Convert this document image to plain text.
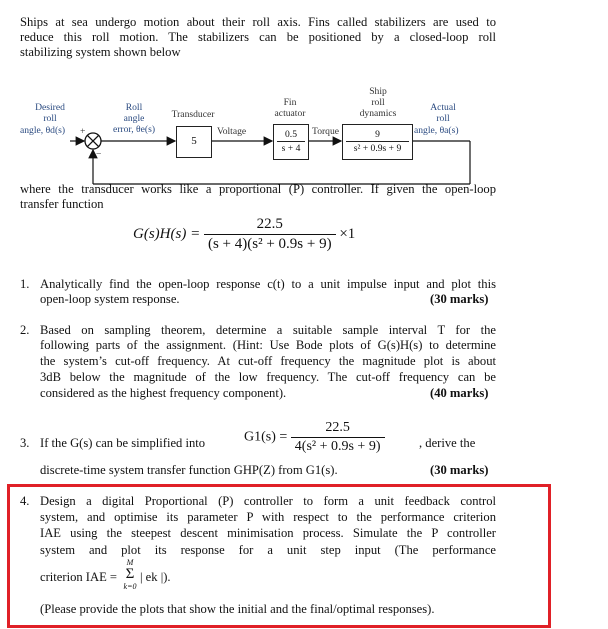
Ships at sea undergo motion about their roll axis. Fins called stabilizers are used to
reduce this roll motion. The stabilizers can be positioned by a closed-loop roll
stabilizing system shown below
5
0.5
s + 4
9
s² + 0.9s + 9
Desired
roll
angle, θd(s) +
−
Roll
angle
error, θe(s)
Transducer
Voltage
Fin
actuator
Torque
Ship
roll
dynamics
Actual
roll
angle, θa(s)
where the transducer works like a proportional (P) controller. If given the open-loop
transfer function
$G(s)H(s) = \frac{22.5}{\text{(s + 4)(s² + 0.9s + 9)}} \times 1$
1. Analytically find the open-loop response c(t) to a unit impulse input and plot this
open-loop system response.	(30 marks)
2. Based on sampling theorem, determine a suitable sample interval T for the
following parts of the assignment. (Hint: Use Bode plots of G(s)H(s) to determine
the system’s cut-off frequency. At cut-off frequency the magnitude plot is about
3dB below the magnitude of the low frequency. The cut-off frequency can be
considered as the highest frequency component).	(40 marks)
3. If the G(s) can be simplified into	$G1(s) = \frac{22.5}{\text{4(s² + 0.9s + 9)}}$	, derive the
discrete-time system transfer function GHP(Z) from G1(s).	(30 marks)
4. Design a digital Proportional (P) controller to form a unit feedback control
system, and optimise its parameter P with respect to the performance criterion
IAE using the steepest descent minimisation process. Simulate the P controller
system and plot its response for a unit step input (The performance
criterion IAE =
M
Σ
k=0
| ek |).
(Please provide the plots that show the initial and the final/optimal responses).
